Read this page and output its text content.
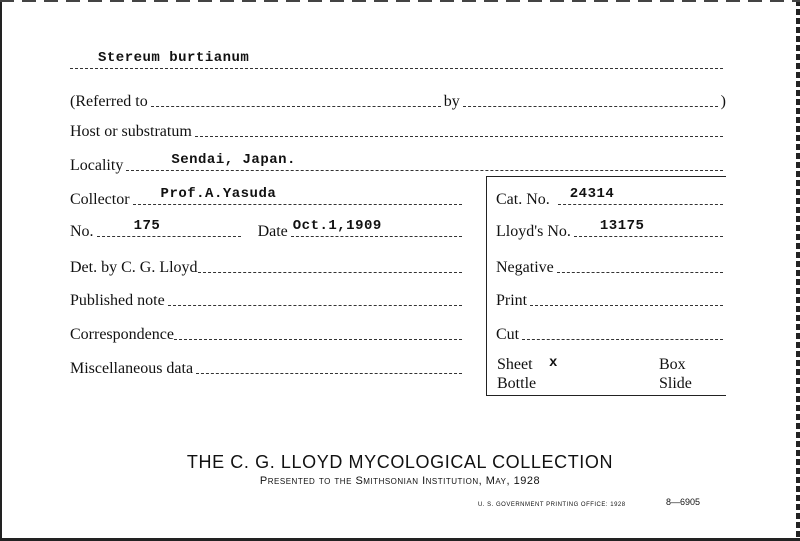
Stereum burtianum
(Referred to	by	)
Host or substratum
Locality	Sendai, Japan.
Collector Prof.A.Yasuda
No.	175	Date Oct.1,1909
Det. by C. G. Lloyd
Published note
Correspondence
Miscellaneous data
Cat. No. 24314
Lloyd's No. 13175
Negative
Print
Cut
Sheet x	Box
Bottle	Slide
THE C. G. LLOYD MYCOLOGICAL COLLECTION
Presented to the Smithsonian Institution, May, 1928
U. S. GOVERNMENT PRINTING OFFICE: 1928	8—6905
